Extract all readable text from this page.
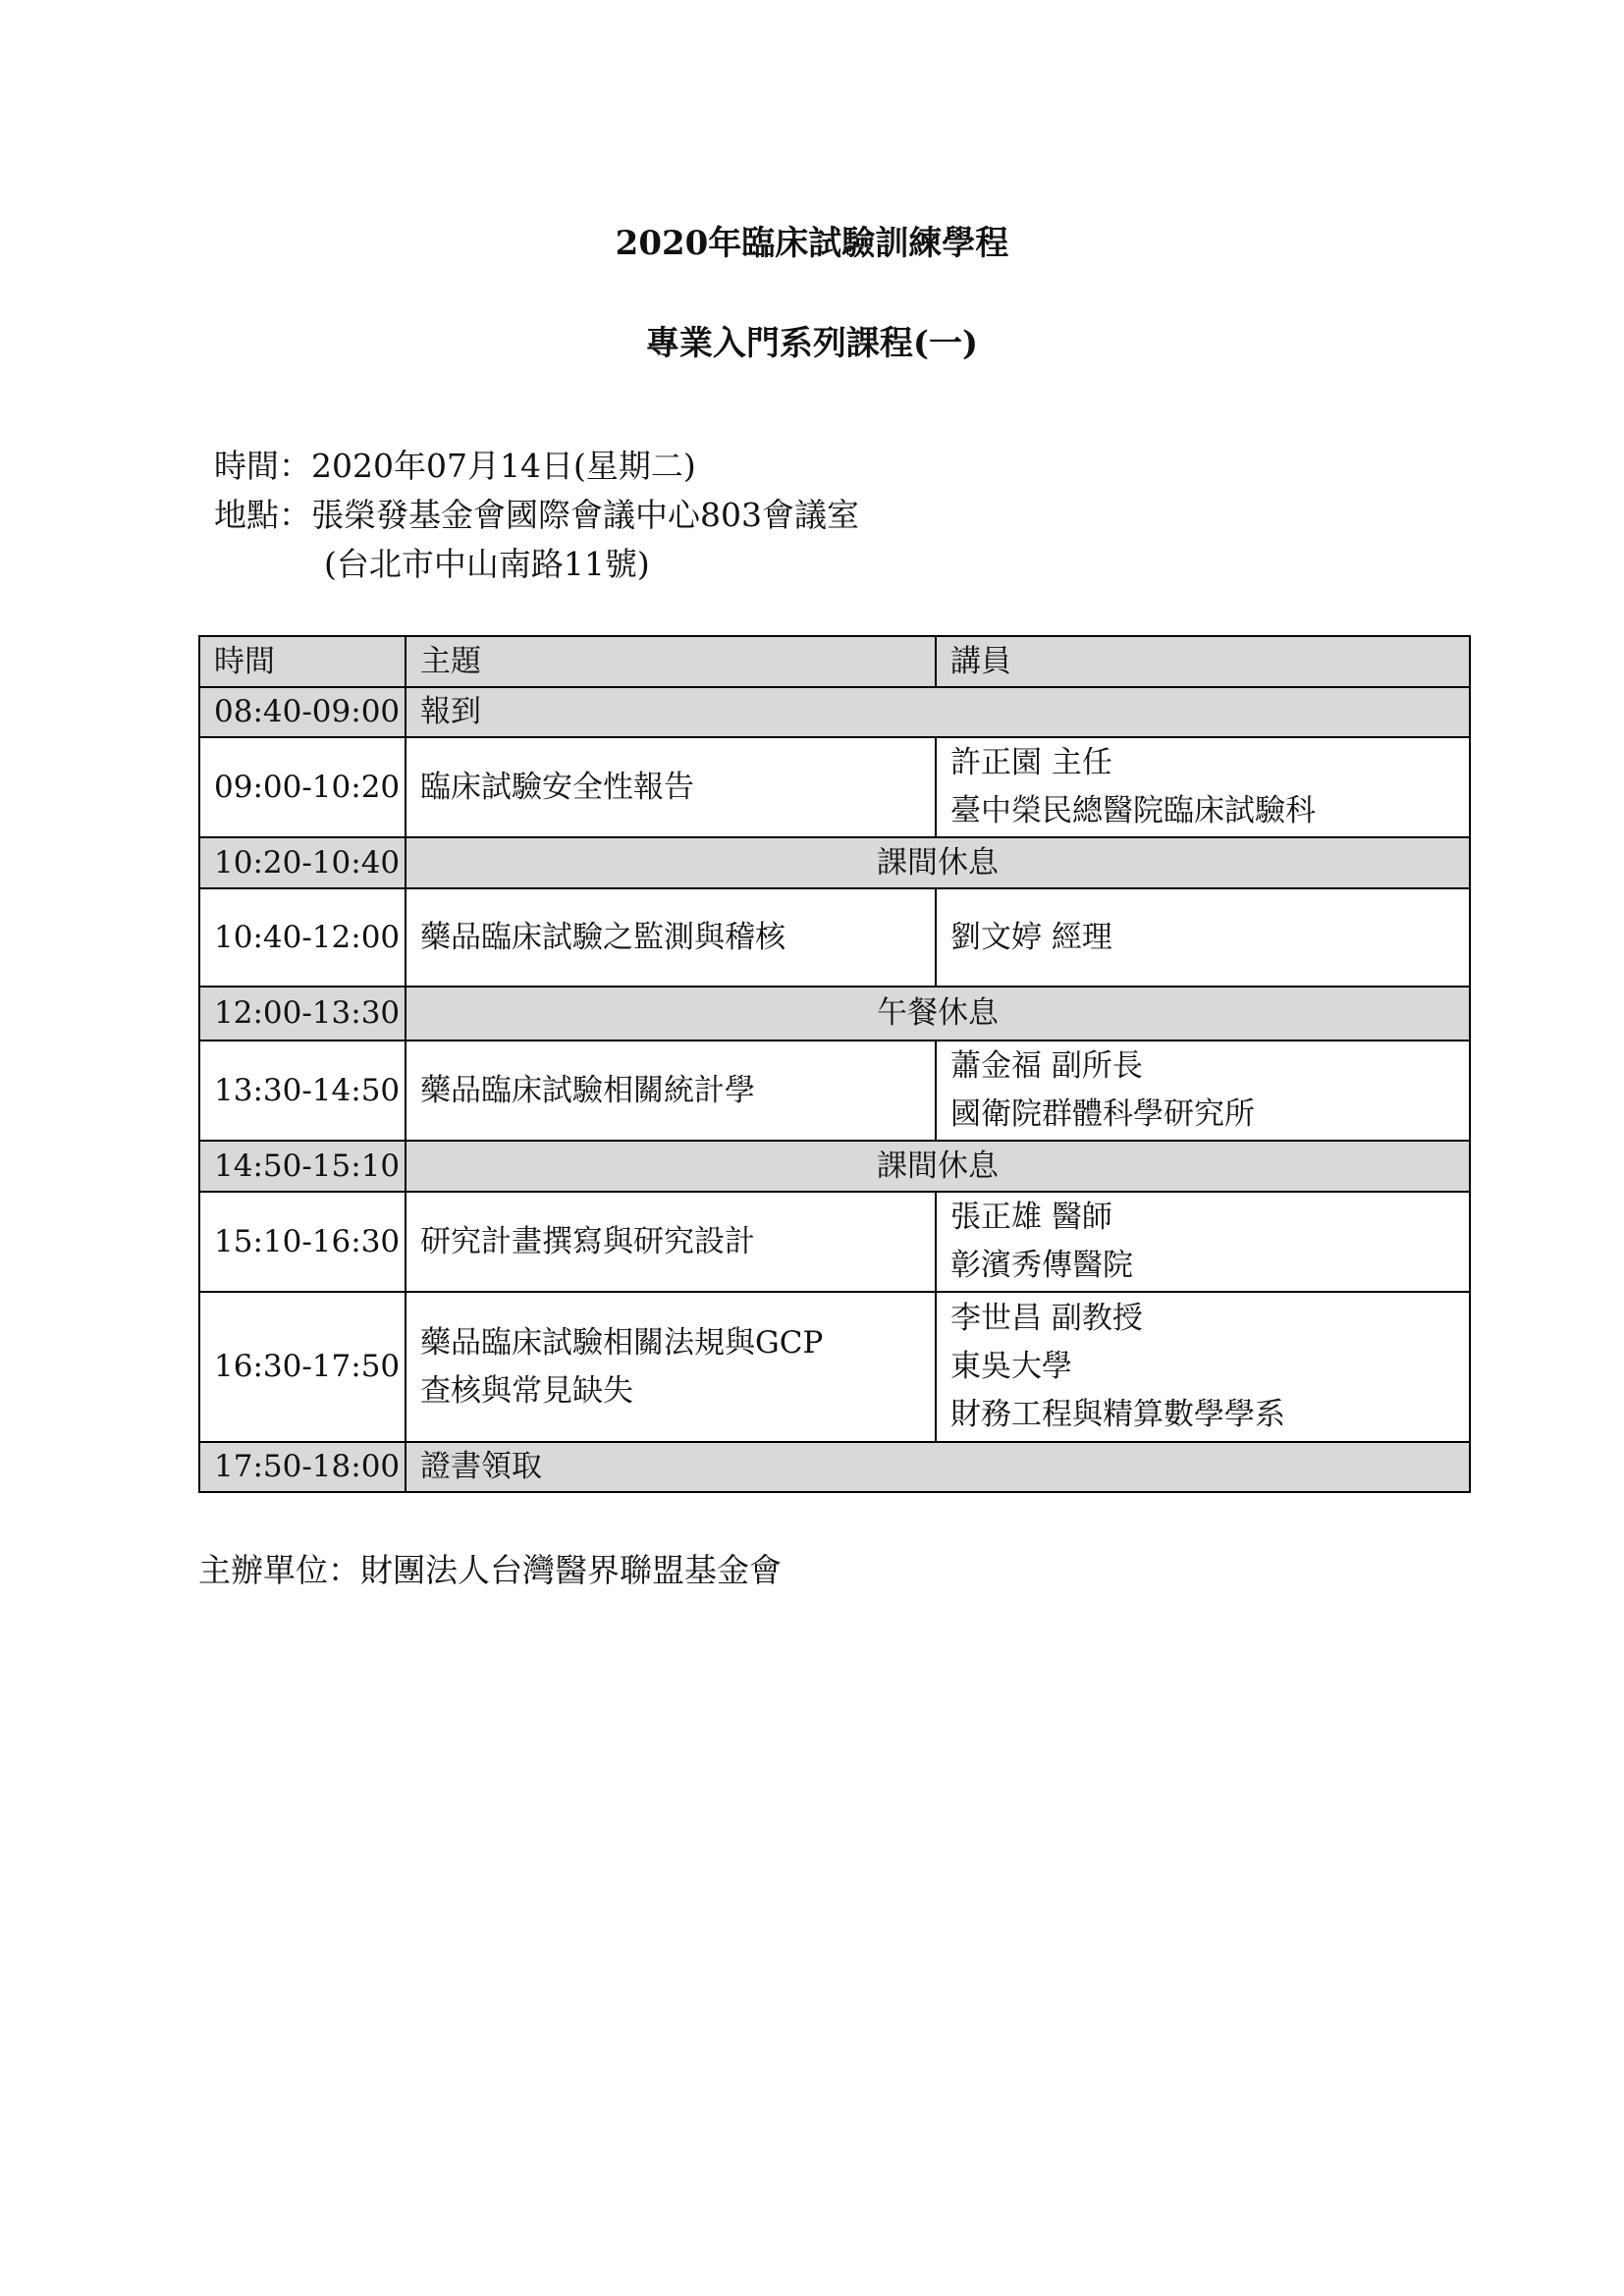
2020年臨床試驗訓練學程
專業入門系列課程(一)

時間：2020年07月14日(星期二)

地點：張榮發基金會國際會議中心803會議室

(台北市中山南路11號)

時間	主題	講員
08:40-09:00	報到	
09:00-10:20	臨床試驗安全性報告	許正園 主任
臺中榮民總醫院臨床試驗科

10:20-10:40	課間休息	
10:40-12:00	藥品臨床試驗之監測與稽核	劉文婷 經理

12:00-13:30	午餐休息	
13:30-14:50	藥品臨床試驗相關統計學	蕭金福 副所長
國衛院群體科學研究所

14:50-15:10	課間休息	
15:10-16:30	研究計畫撰寫與研究設計	張正雄 醫師
彰濱秀傳醫院

16:30-17:50	藥品臨床試驗相關法規與GCP
查核與常見缺失	李世昌 副教授
東吳大學
財務工程與精算數學學系

17:50-18:00	證書領取	

主辦單位：財團法人台灣醫界聯盟基金會
